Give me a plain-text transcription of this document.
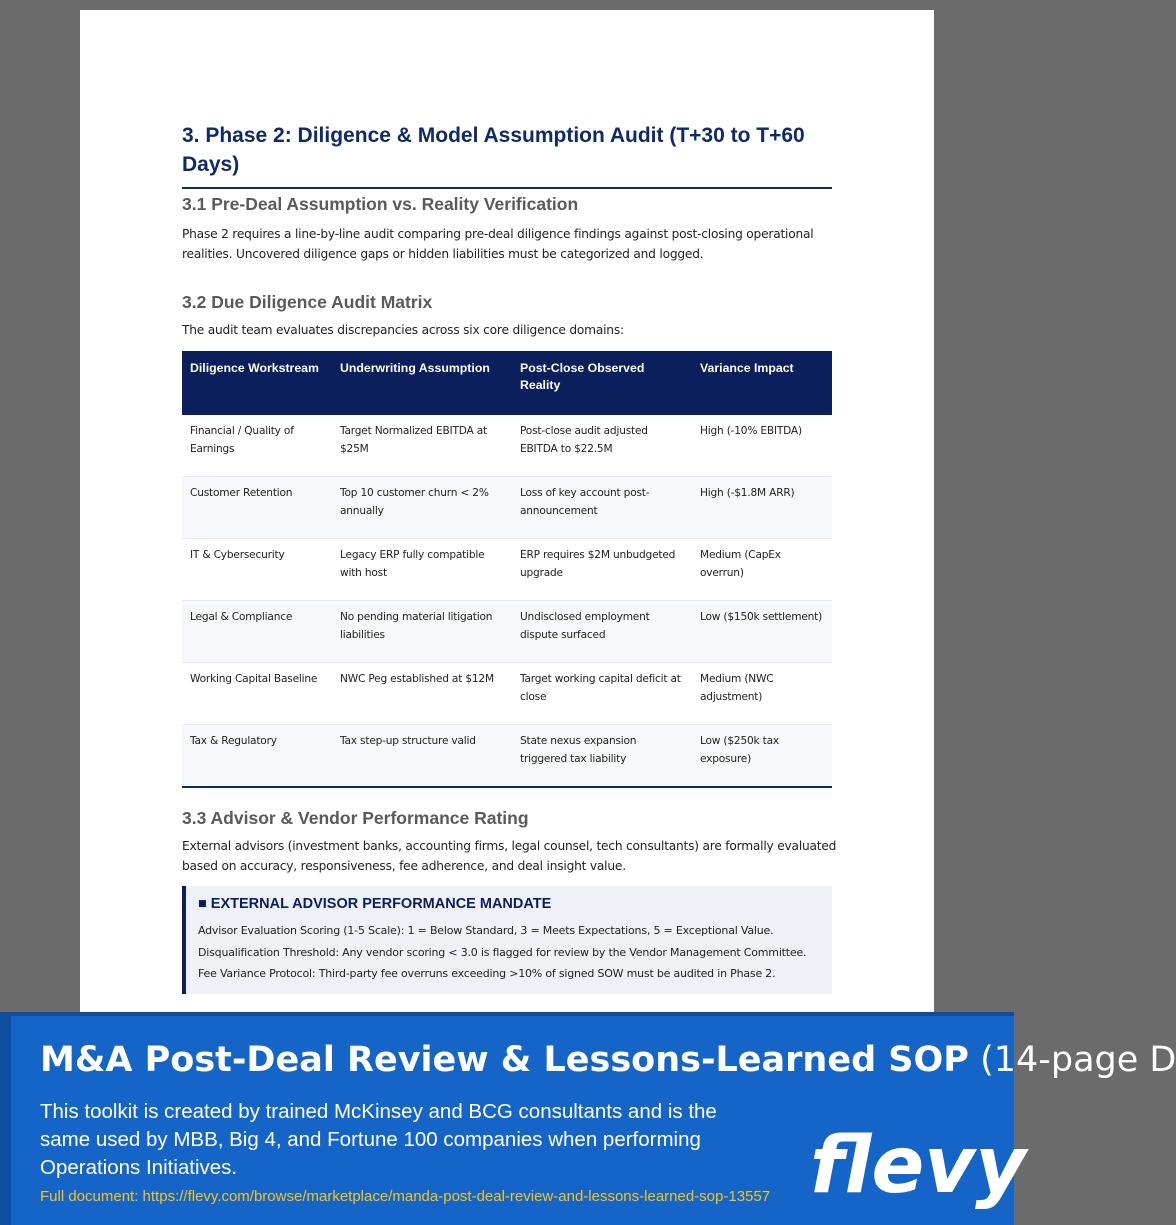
3. Phase 2: Diligence & Model Assumption Audit (T+30 to T+60 Days)
3.1 Pre-Deal Assumption vs. Reality Verification

Phase 2 requires a line-by-line audit comparing pre-deal diligence findings against post-closing operational realities. Uncovered diligence gaps or hidden liabilities must be categorized and logged.

3.2 Due Diligence Audit Matrix

The audit team evaluates discrepancies across six core diligence domains:

Diligence Workstream	Underwriting Assumption	Post-Close Observed Reality	Variance Impact
Financial / Quality of Earnings	Target Normalized EBITDA at $25M	Post-close audit adjusted EBITDA to $22.5M	High (-10% EBITDA)
Customer Retention	Top 10 customer churn < 2% annually	Loss of key account post-announcement	High (-$1.8M ARR)
IT & Cybersecurity	Legacy ERP fully compatible with host	ERP requires $2M unbudgeted upgrade	Medium (CapEx overrun)
Legal & Compliance	No pending material litigation liabilities	Undisclosed employment dispute surfaced	Low ($150k settlement)
Working Capital Baseline	NWC Peg established at $12M	Target working capital deficit at close	Medium (NWC adjustment)
Tax & Regulatory	Tax step-up structure valid	State nexus expansion triggered tax liability	Low ($250k tax exposure)
3.3 Advisor & Vendor Performance Rating

External advisors (investment banks, accounting firms, legal counsel, tech consultants) are formally evaluated based on accuracy, responsiveness, fee adherence, and deal insight value.

■ EXTERNAL ADVISOR PERFORMANCE MANDATE
Advisor Evaluation Scoring (1-5 Scale): 1 = Below Standard, 3 = Meets Expectations, 5 = Exceptional Value.
Disqualification Threshold: Any vendor scoring < 3.0 is flagged for review by the Vendor Management Committee.
Fee Variance Protocol: Third-party fee overruns exceeding >10% of signed SOW must be audited in Phase 2.
M&A Post-Deal Review & Lessons-Learned SOP (14-page D
This toolkit is created by trained McKinsey and BCG consultants and is the same used by MBB, Big 4, and Fortune 100 companies when performing Operations Initiatives.
Full document: https://flevy.com/browse/marketplace/manda-post-deal-review-and-lessons-learned-sop-13557 flevy
